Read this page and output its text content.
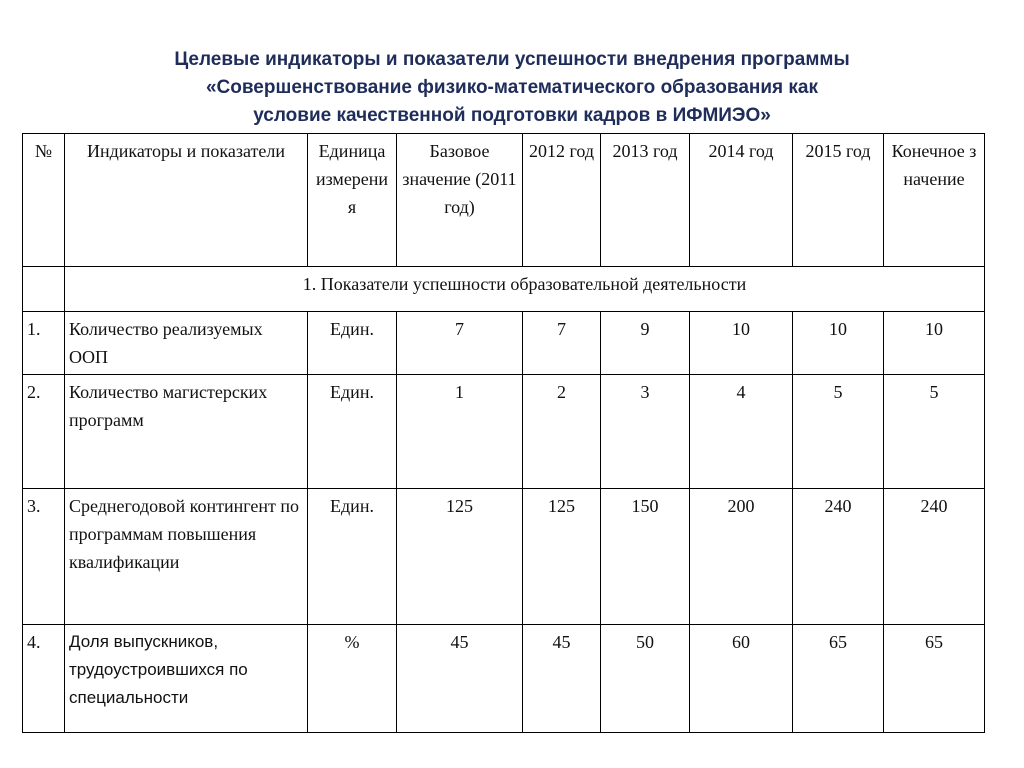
Целевые индикаторы и показатели успешности внедрения программы
«Совершенствование физико-математического образования как
условие качественной подготовки кадров в ИФМИЭО»
№	Индикаторы и показатели	Единица измерения	Базовое значение (2011 год)	2012 год	2013 год	2014 год	2015 год	Конечное значение
	1. Показатели успешности образовательной деятельности							
1.	Количество реализуемых ООП	Един.	7	7	9	10	10	10
2.	Количество магистерских программ	Един.	1	2	3	4	5	5
3.	Среднегодовой контингент по программам повышения квалификации	Един.	125	125	150	200	240	240
4.	Доля выпускников, трудоустроившихся по специальности	%	45	45	50	60	65	65
